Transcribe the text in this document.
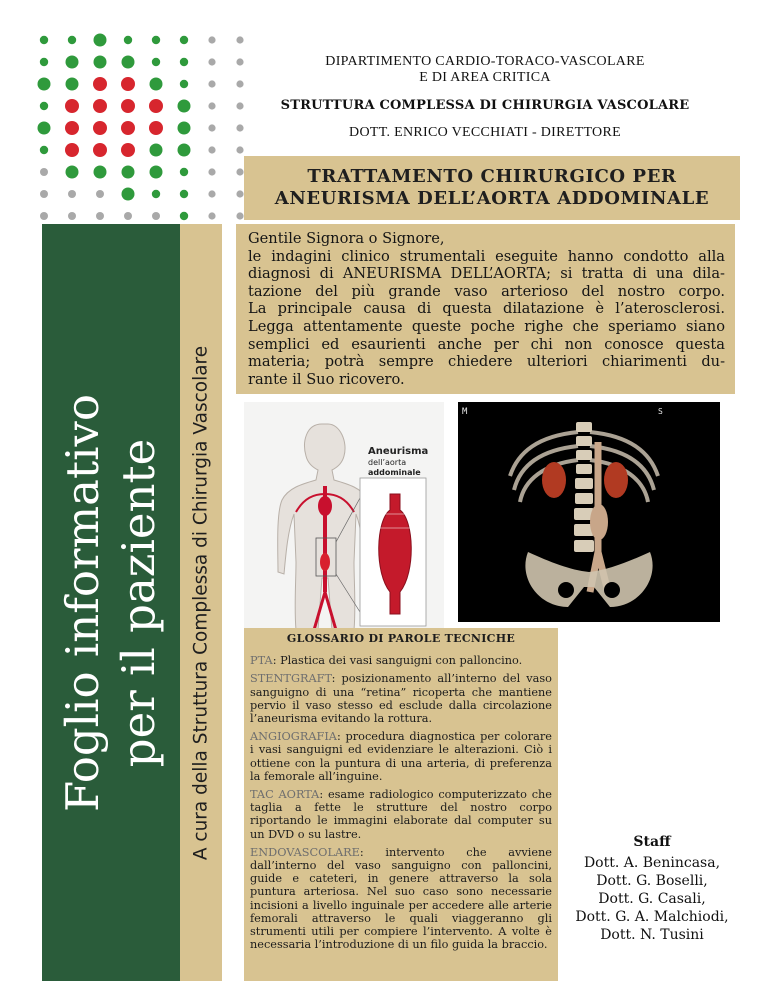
DIPARTIMENTO CARDIO-TORACO-VASCOLARE
E DI AREA CRITICA
STRUTTURA COMPLESSA DI CHIRURGIA VASCOLARE
DOTT. ENRICO VECCHIATI - DIRETTORE
TRATTAMENTO CHIRURGICO PER
ANEURISMA DELL’AORTA ADDOMINALE
Foglio informativo per il paziente A cura della Struttura Complessa di Chirurgia Vascolare

Gentile Signora o Signore,

le indagini clinico strumentali eseguite hanno condotto alla

diagnosi di ANEURISMA DELL’AORTA; si tratta di una dila-

tazione del più grande vaso arterioso del nostro corpo.

La principale causa di questa dilatazione è l’aterosclerosi.

Legga attentamente queste poche righe che speriamo siano

semplici ed esaurienti anche per chi non conosce questa

materia; potrà sempre chiedere ulteriori chiarimenti du-

rante il Suo ricovero.

Aneurisma
dell’aorta
addominale
M	S
GLOSSARIO DI PAROLE TECNICHE
PTA: Plastica dei vasi sanguigni con palloncino.
STENTGRAFT: posizionamento all’interno del vaso sanguigno di una “retina” ricoperta che mantiene pervio il vaso stesso ed esclude dalla circolazione l’aneurisma evitando la rottura.
ANGIOGRAFIA: procedura diagnostica per colorare i vasi sanguigni ed evidenziare le alterazioni. Ciò i ottiene con la puntura di una arteria, di preferenza la femorale all’inguine.
TAC AORTA: esame radiologico computerizzato che taglia a fette le strutture del nostro corpo riportando le immagini elaborate dal computer su un DVD o su lastre.
ENDOVASCOLARE: intervento che avviene dall’interno del vaso sanguigno con palloncini, guide e cateteri, in genere attraverso la sola puntura arteriosa. Nel suo caso sono necessarie incisioni a livello inguinale per accedere alle arterie femorali attraverso le quali viaggeranno gli strumenti utili per compiere l’intervento. A volte è necessaria l’introduzione di un filo guida la braccio.
Staff
Dott. A. Benincasa,
Dott. G. Boselli,
Dott. G. Casali,
Dott. G. A. Malchiodi,
Dott. N. Tusini
